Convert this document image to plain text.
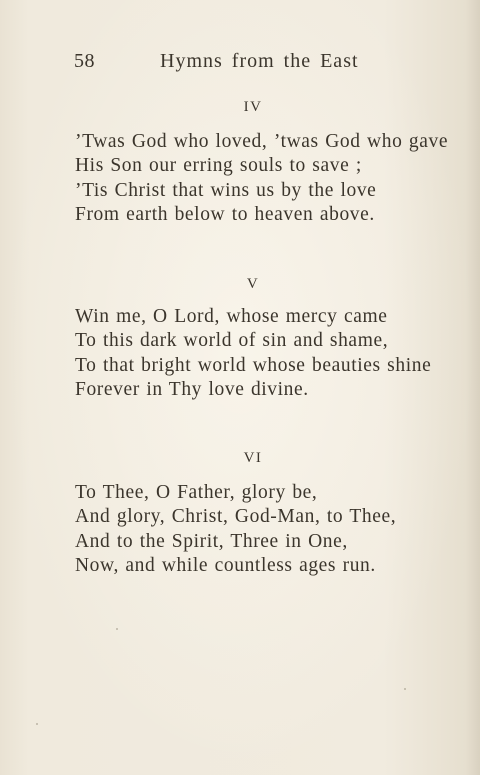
58	Hymns from the East
IV
’Twas God who loved, ’twas God who gave
His Son our erring souls to save ;
’Tis Christ that wins us by the love
From earth below to heaven above.
V
Win me, O Lord, whose mercy came
To this dark world of sin and shame,
To that bright world whose beauties shine
Forever in Thy love divine.
VI
To Thee, O Father, glory be,
And glory, Christ, God-Man, to Thee,
And to the Spirit, Three in One,
Now, and while countless ages run.
